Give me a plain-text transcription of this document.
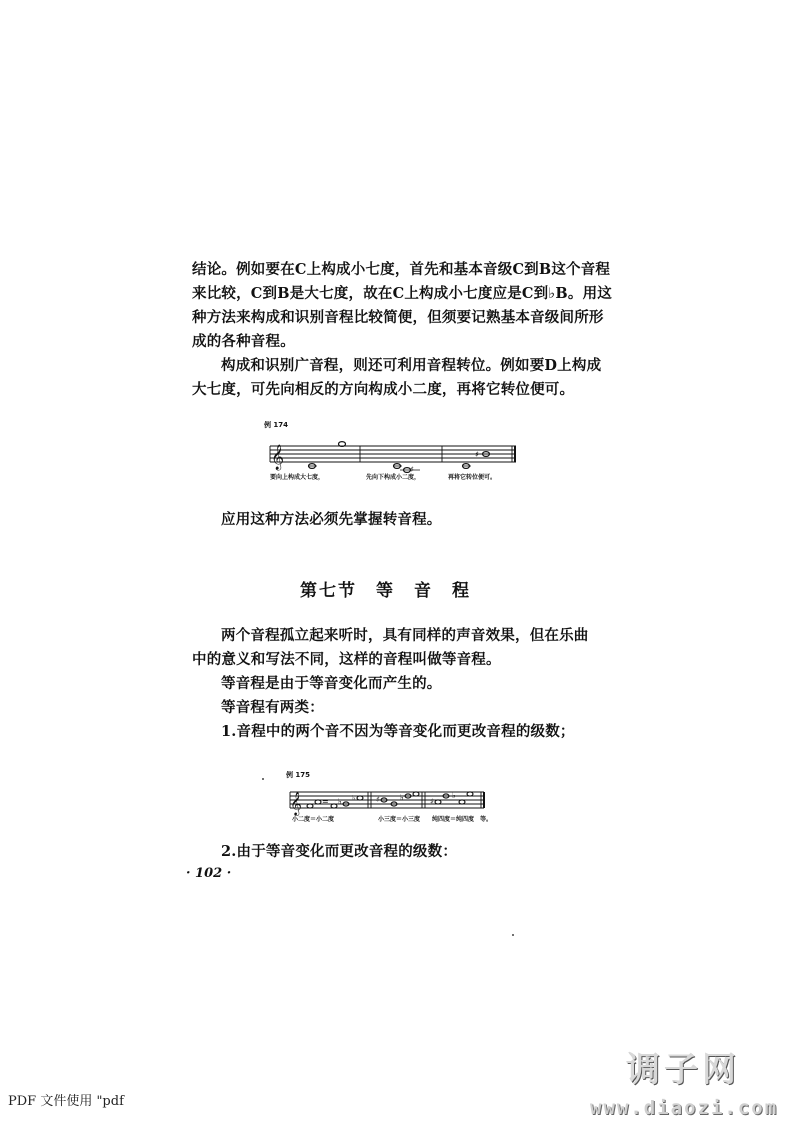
结论。例如要在C上构成小七度，首先和基本音级C到B这个音程来比较，C到B是大七度，故在C上构成小七度应是C到♭B。用这种方法来构成和识别音程比较简便，但须要记熟基本音级间所形成的各种音程。

构成和识别广音程，则还可利用音程转位。例如要D上构成大七度，可先向相反的方向构成小二度，再将它转位便可。

例 174
𝄞	♯
♯
要向上构成大七度，	先向下构成小二度，	再将它转位便可。

应用这种方法必须先掌握转音程。

第七节　等　音　程

两个音程孤立起来听时，具有同样的声音效果，但在乐曲中的意义和写法不同，这样的音程叫做等音程。

等音程是由于等音变化而产生的。

等音程有两类：

1.音程中的两个音不因为等音变化而更改音程的级数；

例 175
𝄞	= ♭ ♭	♯	♭	♯
♭
小二度＝小二度	小三度＝小三度 纯四度＝纯四度　等。

2.由于等音变化而更改音程的级数：

· 102 ·
PDF 文件使用 "pdf
调子网
www.diaozi.com
